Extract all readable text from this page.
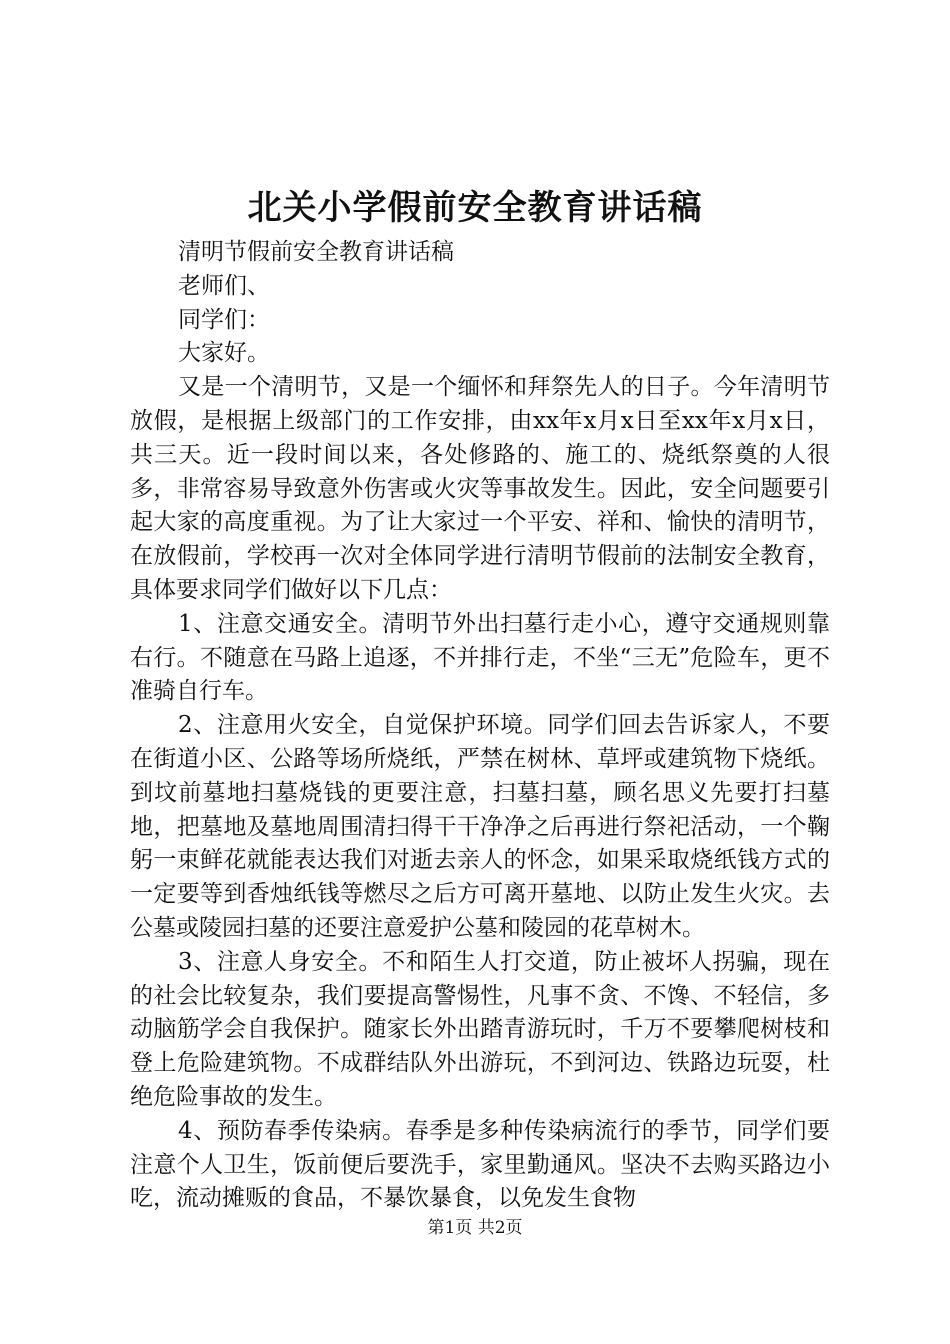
北关小学假前安全教育讲话稿

清明节假前安全教育讲话稿

老师们、

同学们：

大家好。

又是一个清明节，又是一个缅怀和拜祭先人的日子。今年清明节放假，是根据上级部门的工作安排，由xx年x月x日至xx年x月x日，共三天。近一段时间以来，各处修路的、施工的、烧纸祭奠的人很多，非常容易导致意外伤害或火灾等事故发生。因此，安全问题要引起大家的高度重视。为了让大家过一个平安、祥和、愉快的清明节，在放假前，学校再一次对全体同学进行清明节假前的法制安全教育，具体要求同学们做好以下几点：

1、注意交通安全。清明节外出扫墓行走小心，遵守交通规则靠右行。不随意在马路上追逐，不并排行走，不坐“三无”危险车，更不准骑自行车。

2、注意用火安全，自觉保护环境。同学们回去告诉家人，不要在街道小区、公路等场所烧纸，严禁在树林、草坪或建筑物下烧纸。到坟前墓地扫墓烧钱的更要注意，扫墓扫墓，顾名思义先要打扫墓地，把墓地及墓地周围清扫得干干净净之后再进行祭祀活动，一个鞠躬一束鲜花就能表达我们对逝去亲人的怀念，如果采取烧纸钱方式的一定要等到香烛纸钱等燃尽之后方可离开墓地、以防止发生火灾。去公墓或陵园扫墓的还要注意爱护公墓和陵园的花草树木。

3、注意人身安全。不和陌生人打交道，防止被坏人拐骗，现在的社会比较复杂，我们要提高警惕性，凡事不贪、不馋、不轻信，多动脑筋学会自我保护。随家长外出踏青游玩时，千万不要攀爬树枝和登上危险建筑物。不成群结队外出游玩，不到河边、铁路边玩耍，杜绝危险事故的发生。

4、预防春季传染病。春季是多种传染病流行的季节，同学们要注意个人卫生，饭前便后要洗手，家里勤通风。坚决不去购买路边小吃，流动摊贩的食品，不暴饮暴食，以免发生食物

第1页 共2页
